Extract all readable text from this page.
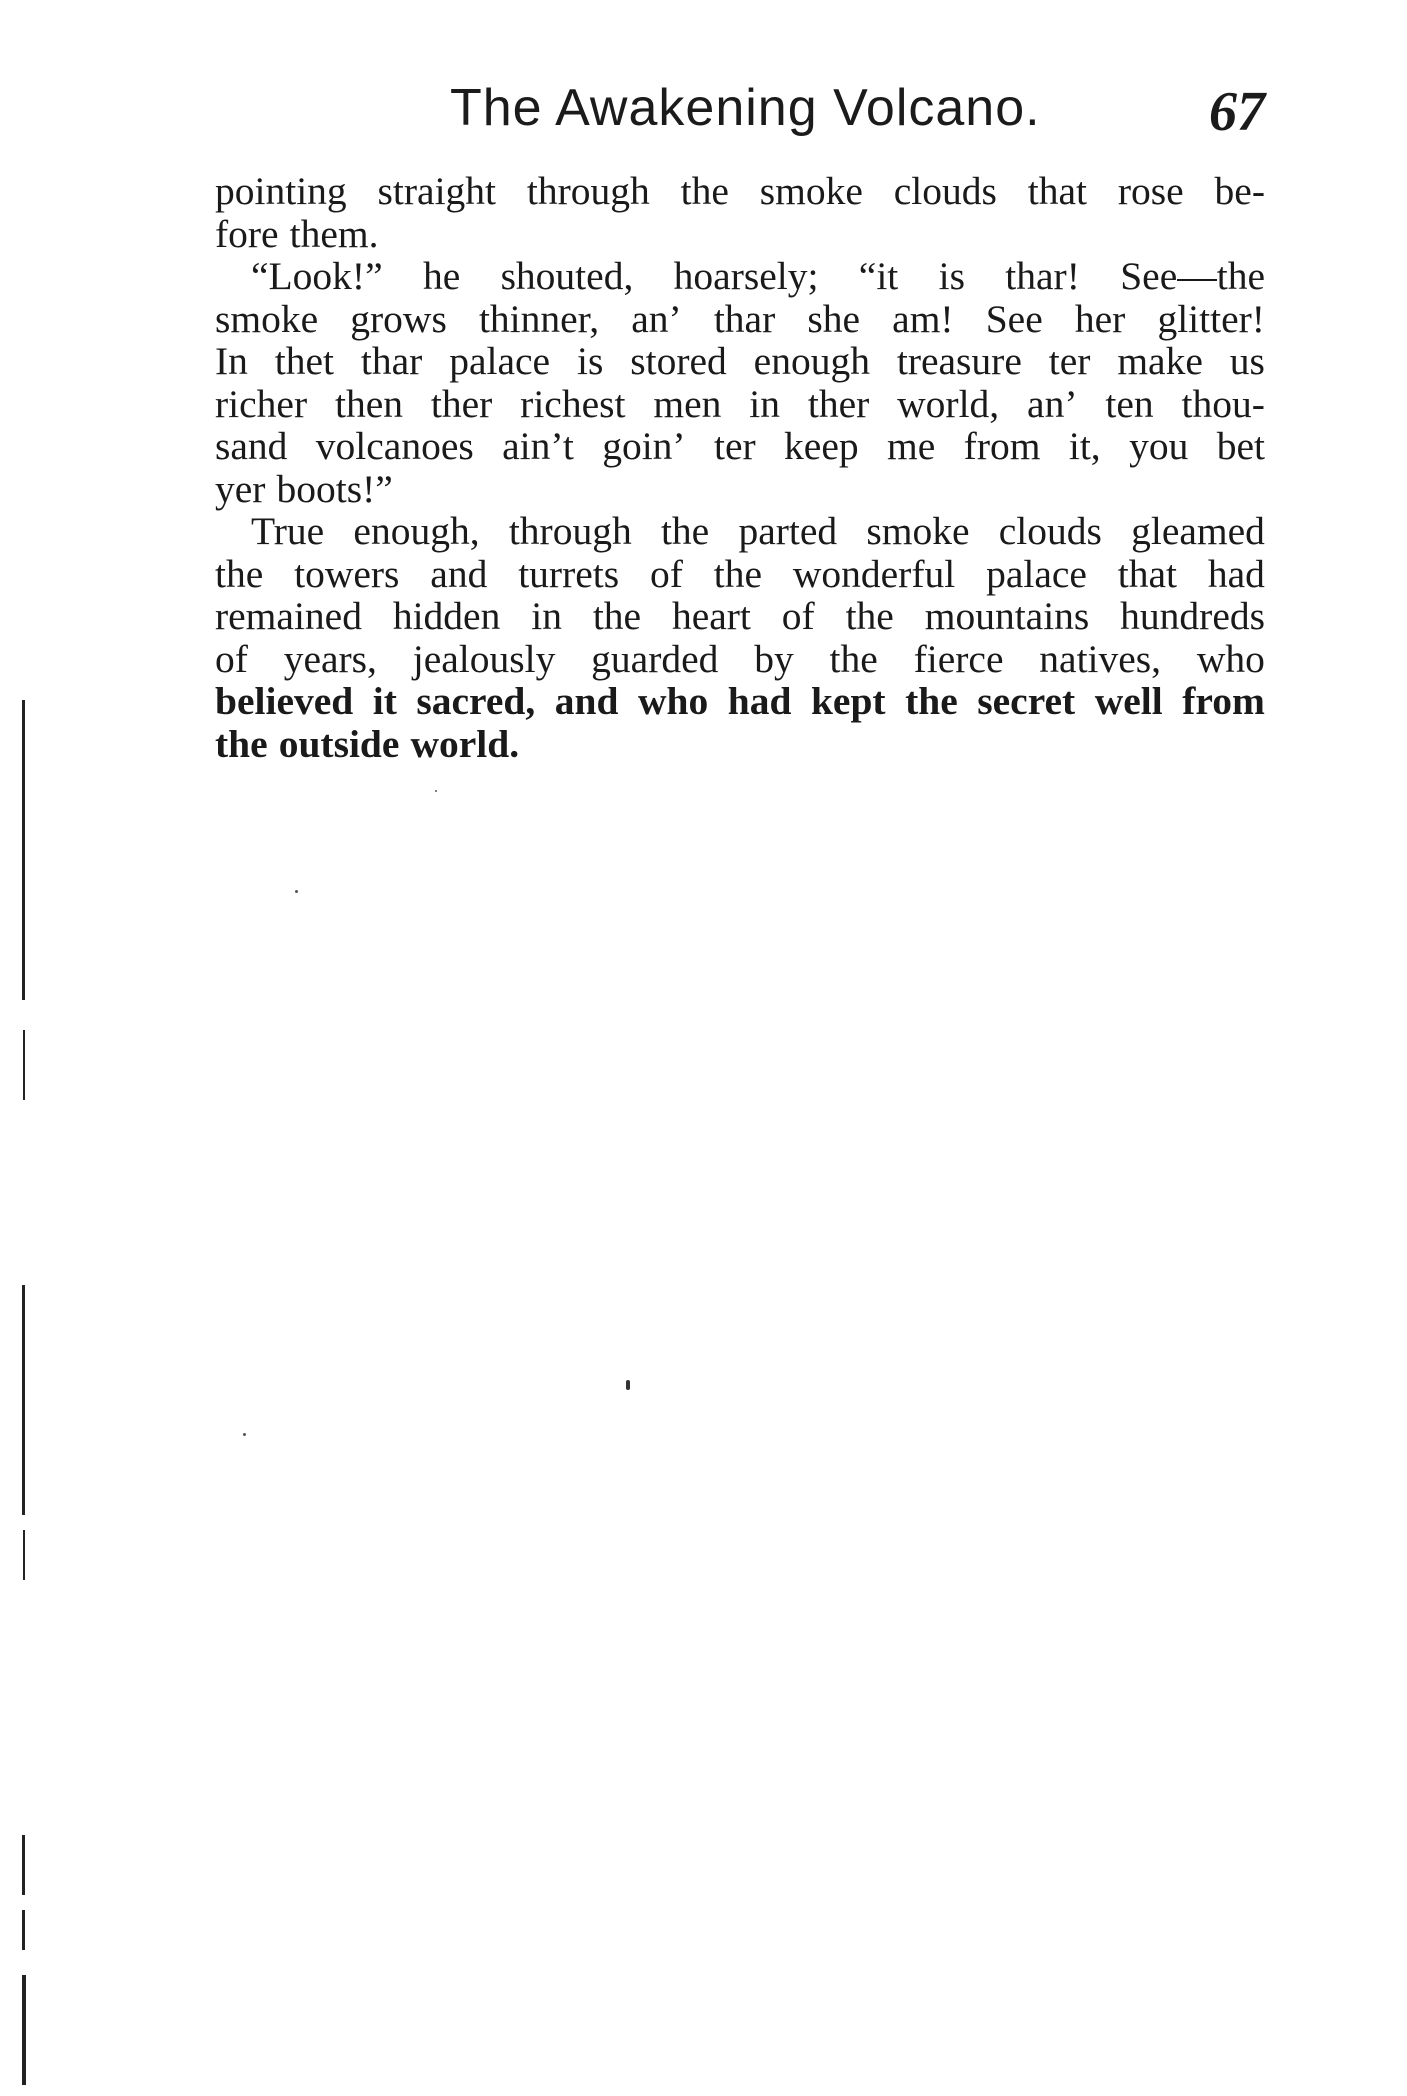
The Awakening Volcano.	67
pointing straight through the smoke clouds that rose be-
fore them.
“Look!” he shouted, hoarsely; “it is thar! See—the
smoke grows thinner, an’ thar she am! See her glitter!
In thet thar palace is stored enough treasure ter make us
richer then ther richest men in ther world, an’ ten thou-
sand volcanoes ain’t goin’ ter keep me from it, you bet
yer boots!”
True enough, through the parted smoke clouds gleamed
the towers and turrets of the wonderful palace that had
remained hidden in the heart of the mountains hundreds
of years, jealously guarded by the fierce natives, who
believed it sacred, and who had kept the secret well from
the outside world.
